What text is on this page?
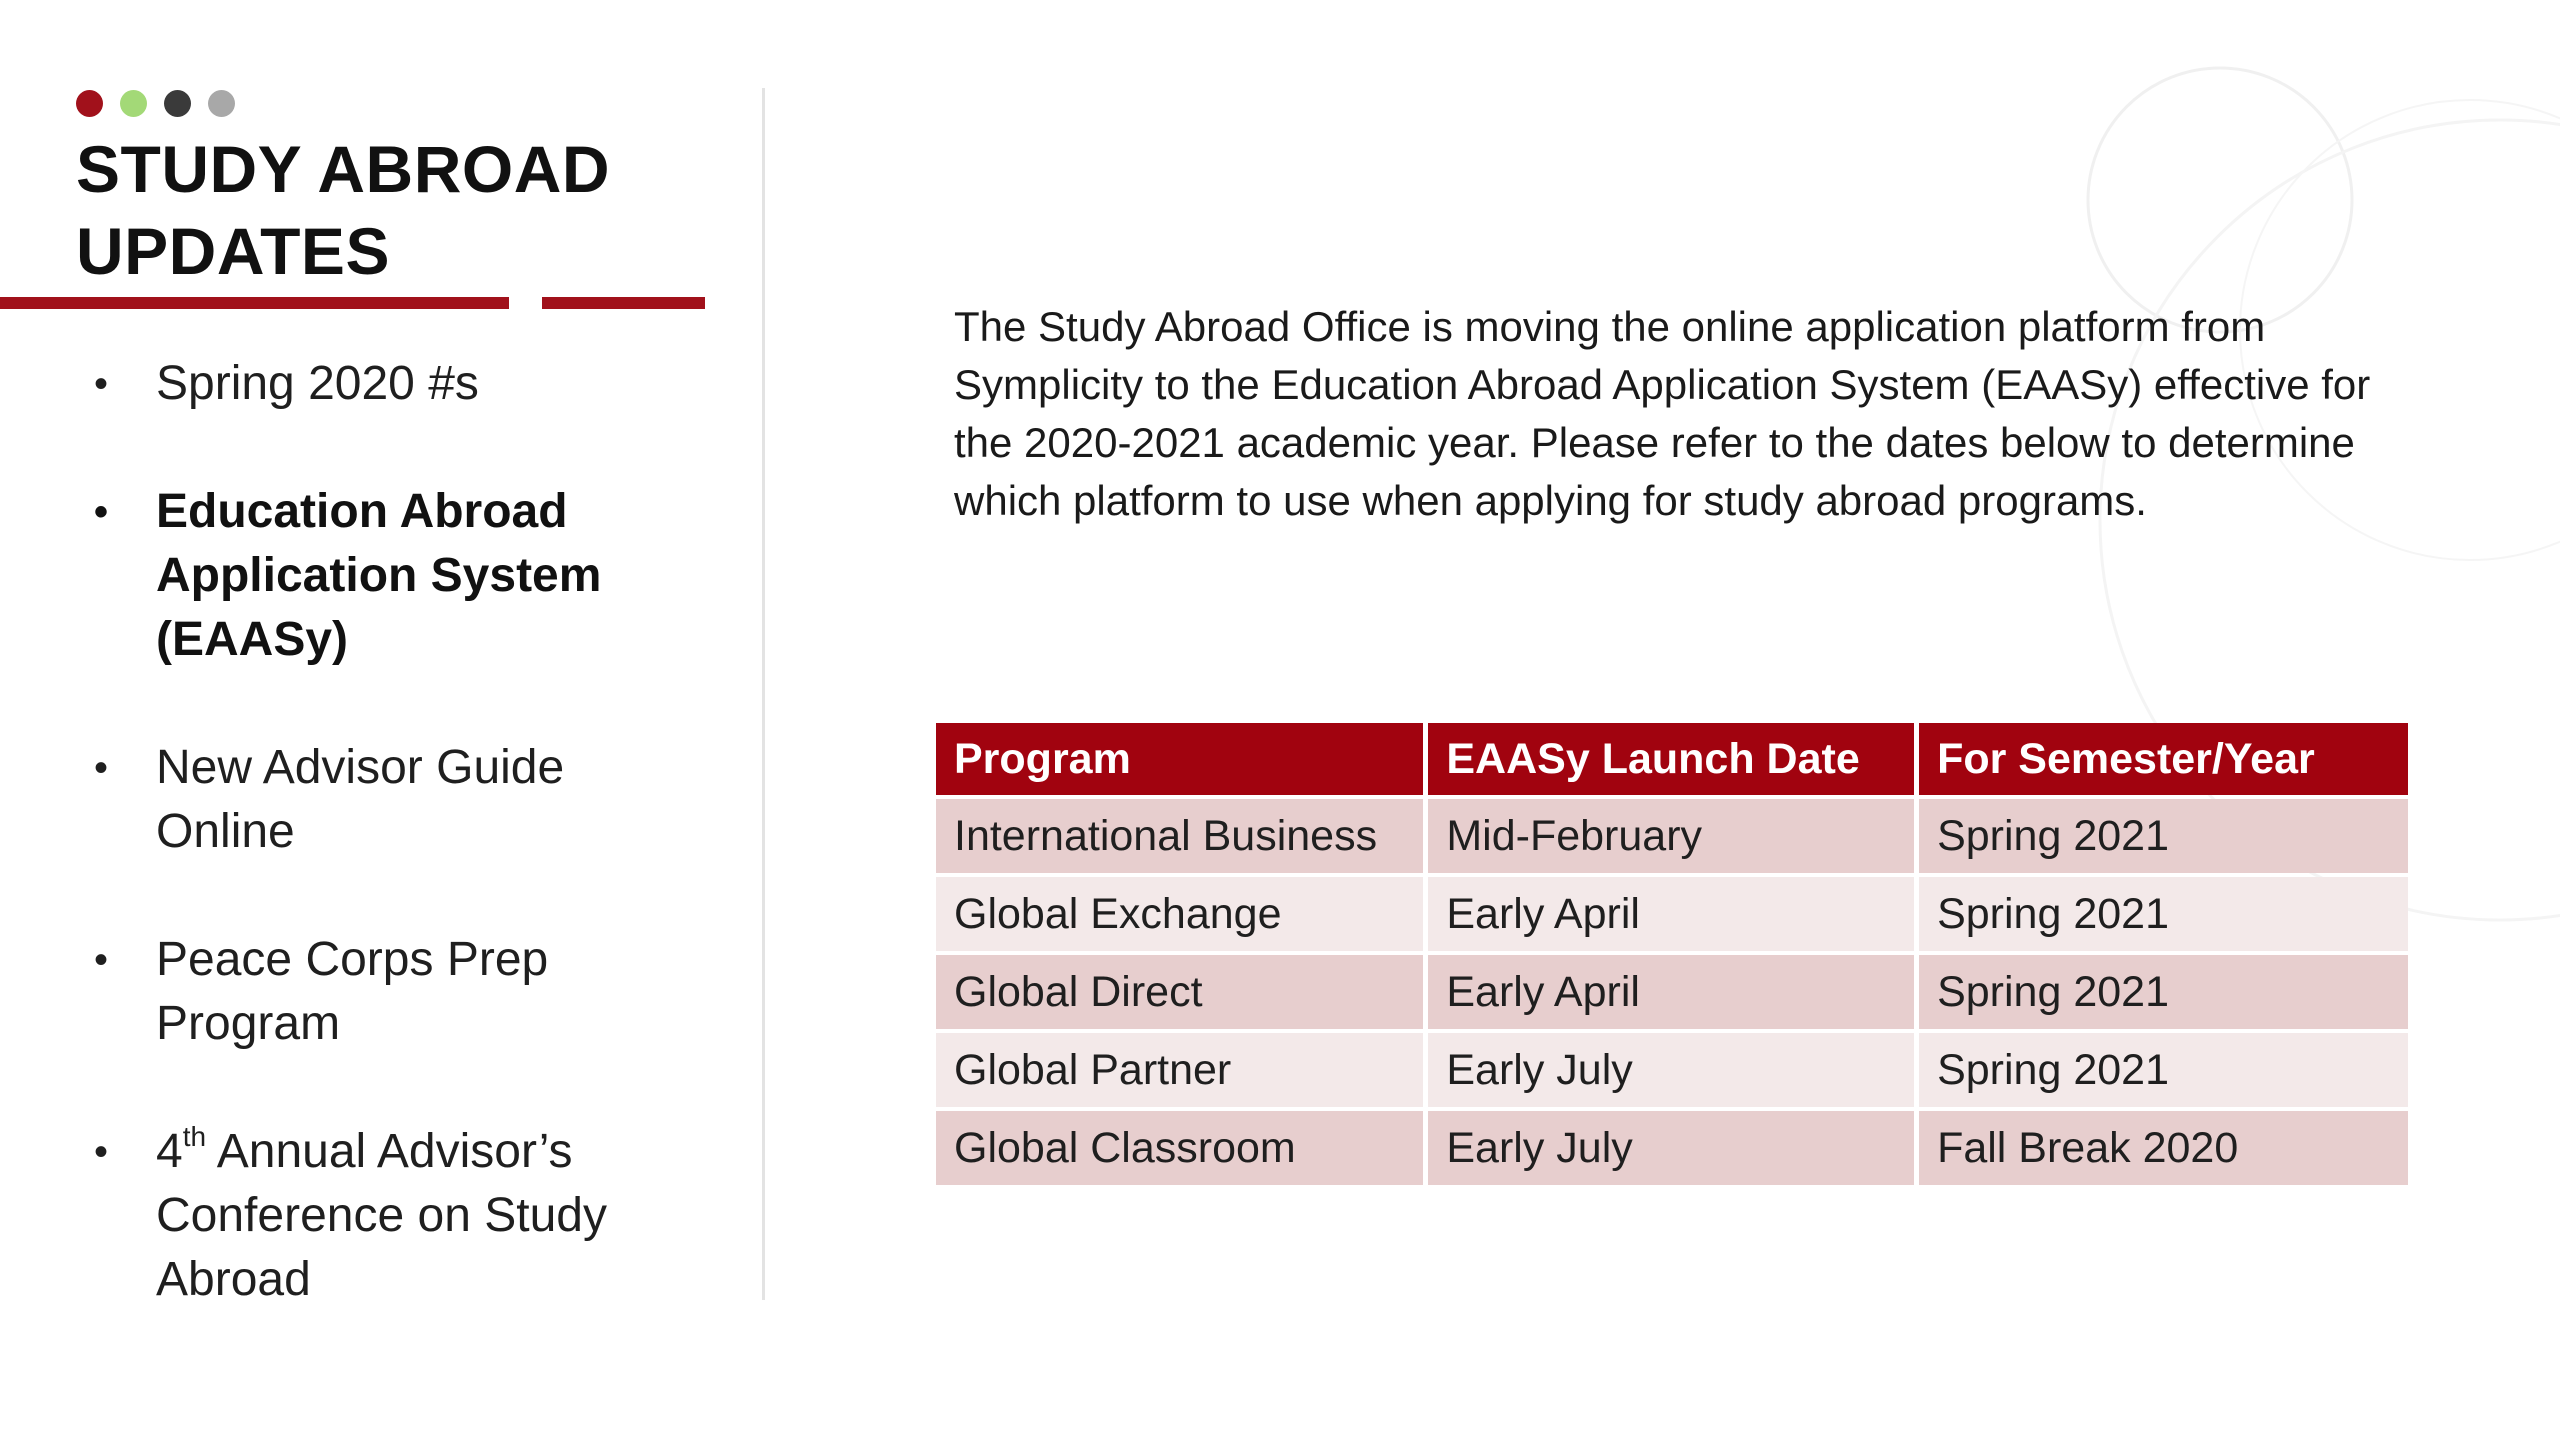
STUDY ABROAD
UPDATES
• Spring 2020 #s
• Education Abroad Application System (EAASy)
• New Advisor Guide Online
• Peace Corps Prep Program
• 4th Annual Advisor’s Conference on Study Abroad

The Study Abroad Office is moving the online application platform from Symplicity to the Education Abroad Application System (EAASy) effective for the 2020-2021 academic year. Please refer to the dates below to determine which platform to use when applying for study abroad programs.

Program	EAASy Launch Date	For Semester/Year
International Business	Mid-February	Spring 2021
Global Exchange	Early April	Spring 2021
Global Direct	Early April	Spring 2021
Global Partner	Early July	Spring 2021
Global Classroom	Early July	Fall Break 2020
